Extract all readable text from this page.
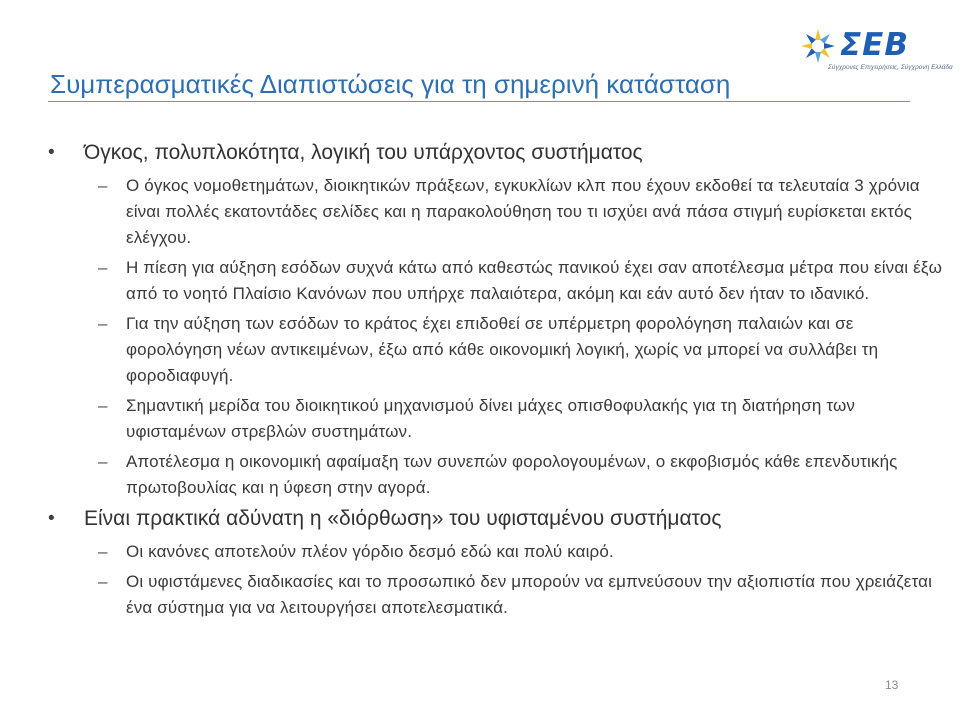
ΣΕΒ
Σύγχρονες Επιχειρήσεις, Σύγχρονη Ελλάδα
Συμπερασματικές Διαπιστώσεις για τη σημερινή κατάσταση
• Όγκος, πολυπλοκότητα, λογική του υπάρχοντος συστήματος
– Ο όγκος νομοθετημάτων, διοικητικών πράξεων, εγκυκλίων κλπ που έχουν εκδοθεί τα τελευταία 3 χρόνια είναι πολλές εκατοντάδες σελίδες και η παρακολούθηση του τι ισχύει ανά πάσα στιγμή ευρίσκεται εκτός ελέγχου.
– Η πίεση για αύξηση εσόδων συχνά κάτω από καθεστώς πανικού έχει σαν αποτέλεσμα μέτρα που είναι έξω από το νοητό Πλαίσιο Κανόνων που υπήρχε παλαιότερα, ακόμη και εάν αυτό δεν ήταν το ιδανικό.
– Για την αύξηση των εσόδων το κράτος έχει επιδοθεί σε υπέρμετρη φορολόγηση παλαιών και σε φορολόγηση νέων αντικειμένων, έξω από κάθε οικονομική λογική, χωρίς να μπορεί να συλλάβει τη φοροδιαφυγή.
– Σημαντική μερίδα του διοικητικού μηχανισμού δίνει μάχες οπισθοφυλακής για τη διατήρηση των υφισταμένων στρεβλών συστημάτων.
– Αποτέλεσμα η οικονομική αφαίμαξη των συνεπών φορολογουμένων, ο εκφοβισμός κάθε επενδυτικής πρωτοβουλίας και η ύφεση στην αγορά.
• Είναι πρακτικά αδύνατη η «διόρθωση» του υφισταμένου συστήματος
– Οι κανόνες αποτελούν πλέον γόρδιο δεσμό εδώ και πολύ καιρό.
– Οι υφιστάμενες διαδικασίες και το προσωπικό δεν μπορούν να εμπνεύσουν την αξιοπιστία που χρειάζεται ένα σύστημα για να λειτουργήσει αποτελεσματικά.
13
